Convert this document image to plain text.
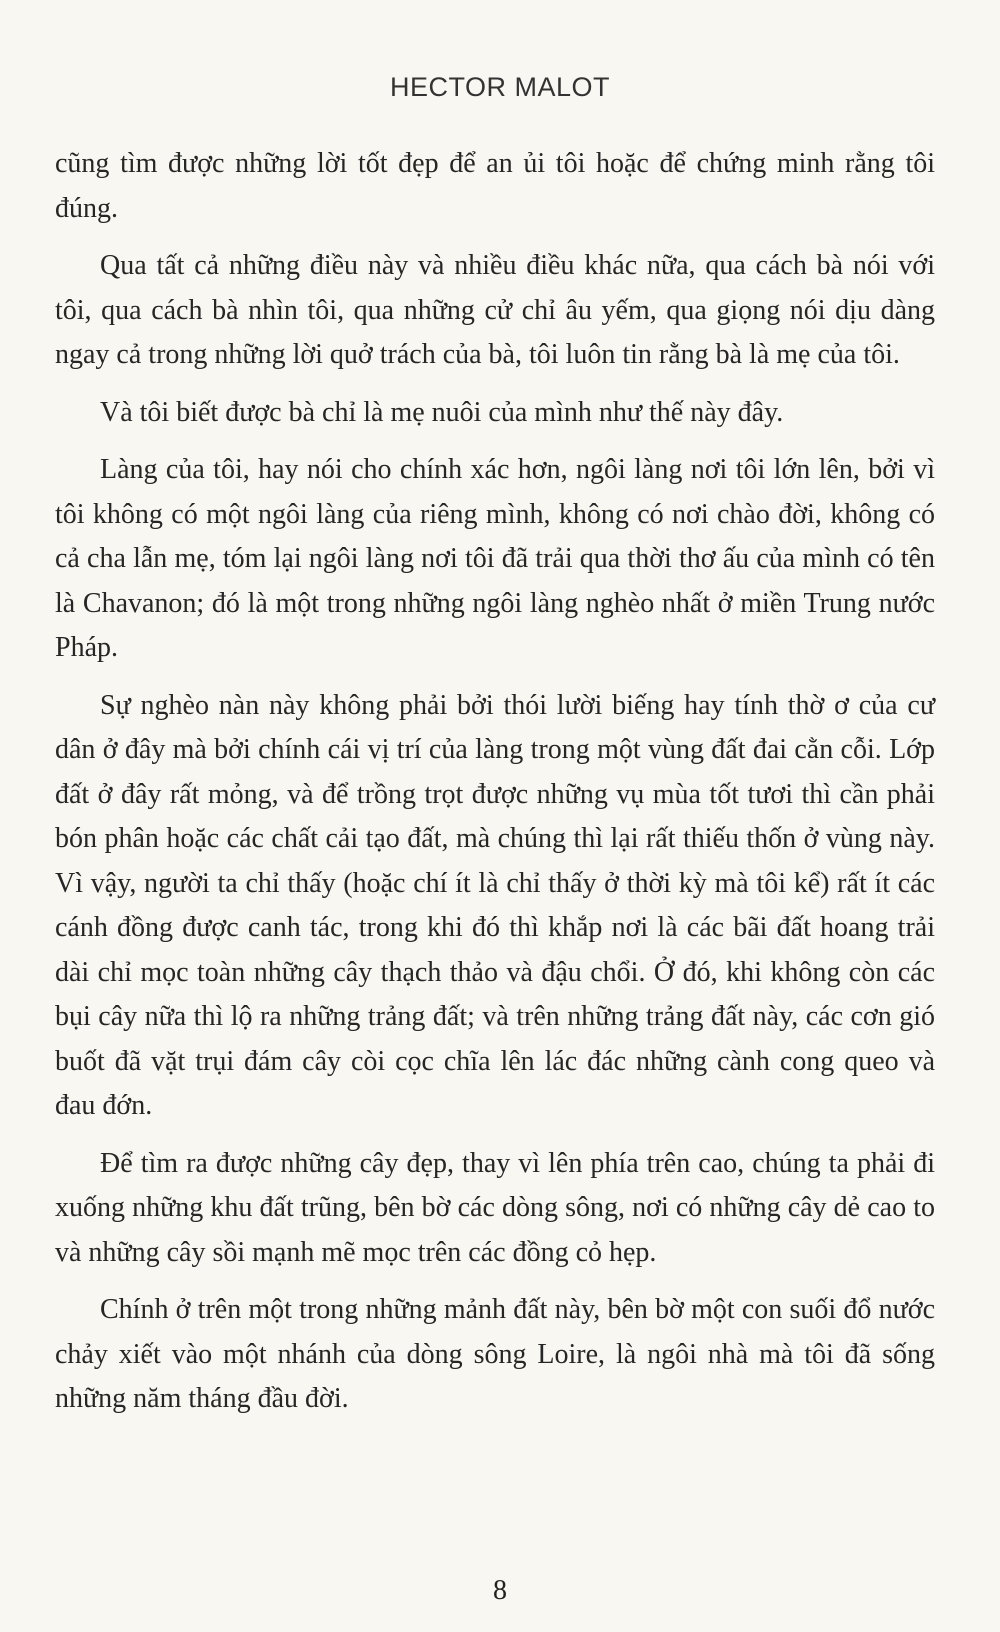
HECTOR MALOT

cũng tìm được những lời tốt đẹp để an ủi tôi hoặc để chứng minh rằng tôi đúng.

Qua tất cả những điều này và nhiều điều khác nữa, qua cách bà nói với tôi, qua cách bà nhìn tôi, qua những cử chỉ âu yếm, qua giọng nói dịu dàng ngay cả trong những lời quở trách của bà, tôi luôn tin rằng bà là mẹ của tôi.

Và tôi biết được bà chỉ là mẹ nuôi của mình như thế này đây.

Làng của tôi, hay nói cho chính xác hơn, ngôi làng nơi tôi lớn lên, bởi vì tôi không có một ngôi làng của riêng mình, không có nơi chào đời, không có cả cha lẫn mẹ, tóm lại ngôi làng nơi tôi đã trải qua thời thơ ấu của mình có tên là Chavanon; đó là một trong những ngôi làng nghèo nhất ở miền Trung nước Pháp.

Sự nghèo nàn này không phải bởi thói lười biếng hay tính thờ ơ của cư dân ở đây mà bởi chính cái vị trí của làng trong một vùng đất đai cằn cỗi. Lớp đất ở đây rất mỏng, và để trồng trọt được những vụ mùa tốt tươi thì cần phải bón phân hoặc các chất cải tạo đất, mà chúng thì lại rất thiếu thốn ở vùng này. Vì vậy, người ta chỉ thấy (hoặc chí ít là chỉ thấy ở thời kỳ mà tôi kể) rất ít các cánh đồng được canh tác, trong khi đó thì khắp nơi là các bãi đất hoang trải dài chỉ mọc toàn những cây thạch thảo và đậu chổi. Ở đó, khi không còn các bụi cây nữa thì lộ ra những trảng đất; và trên những trảng đất này, các cơn gió buốt đã vặt trụi đám cây còi cọc chĩa lên lác đác những cành cong queo và đau đớn.

Để tìm ra được những cây đẹp, thay vì lên phía trên cao, chúng ta phải đi xuống những khu đất trũng, bên bờ các dòng sông, nơi có những cây dẻ cao to và những cây sồi mạnh mẽ mọc trên các đồng cỏ hẹp.

Chính ở trên một trong những mảnh đất này, bên bờ một con suối đổ nước chảy xiết vào một nhánh của dòng sông Loire, là ngôi nhà mà tôi đã sống những năm tháng đầu đời.

8
